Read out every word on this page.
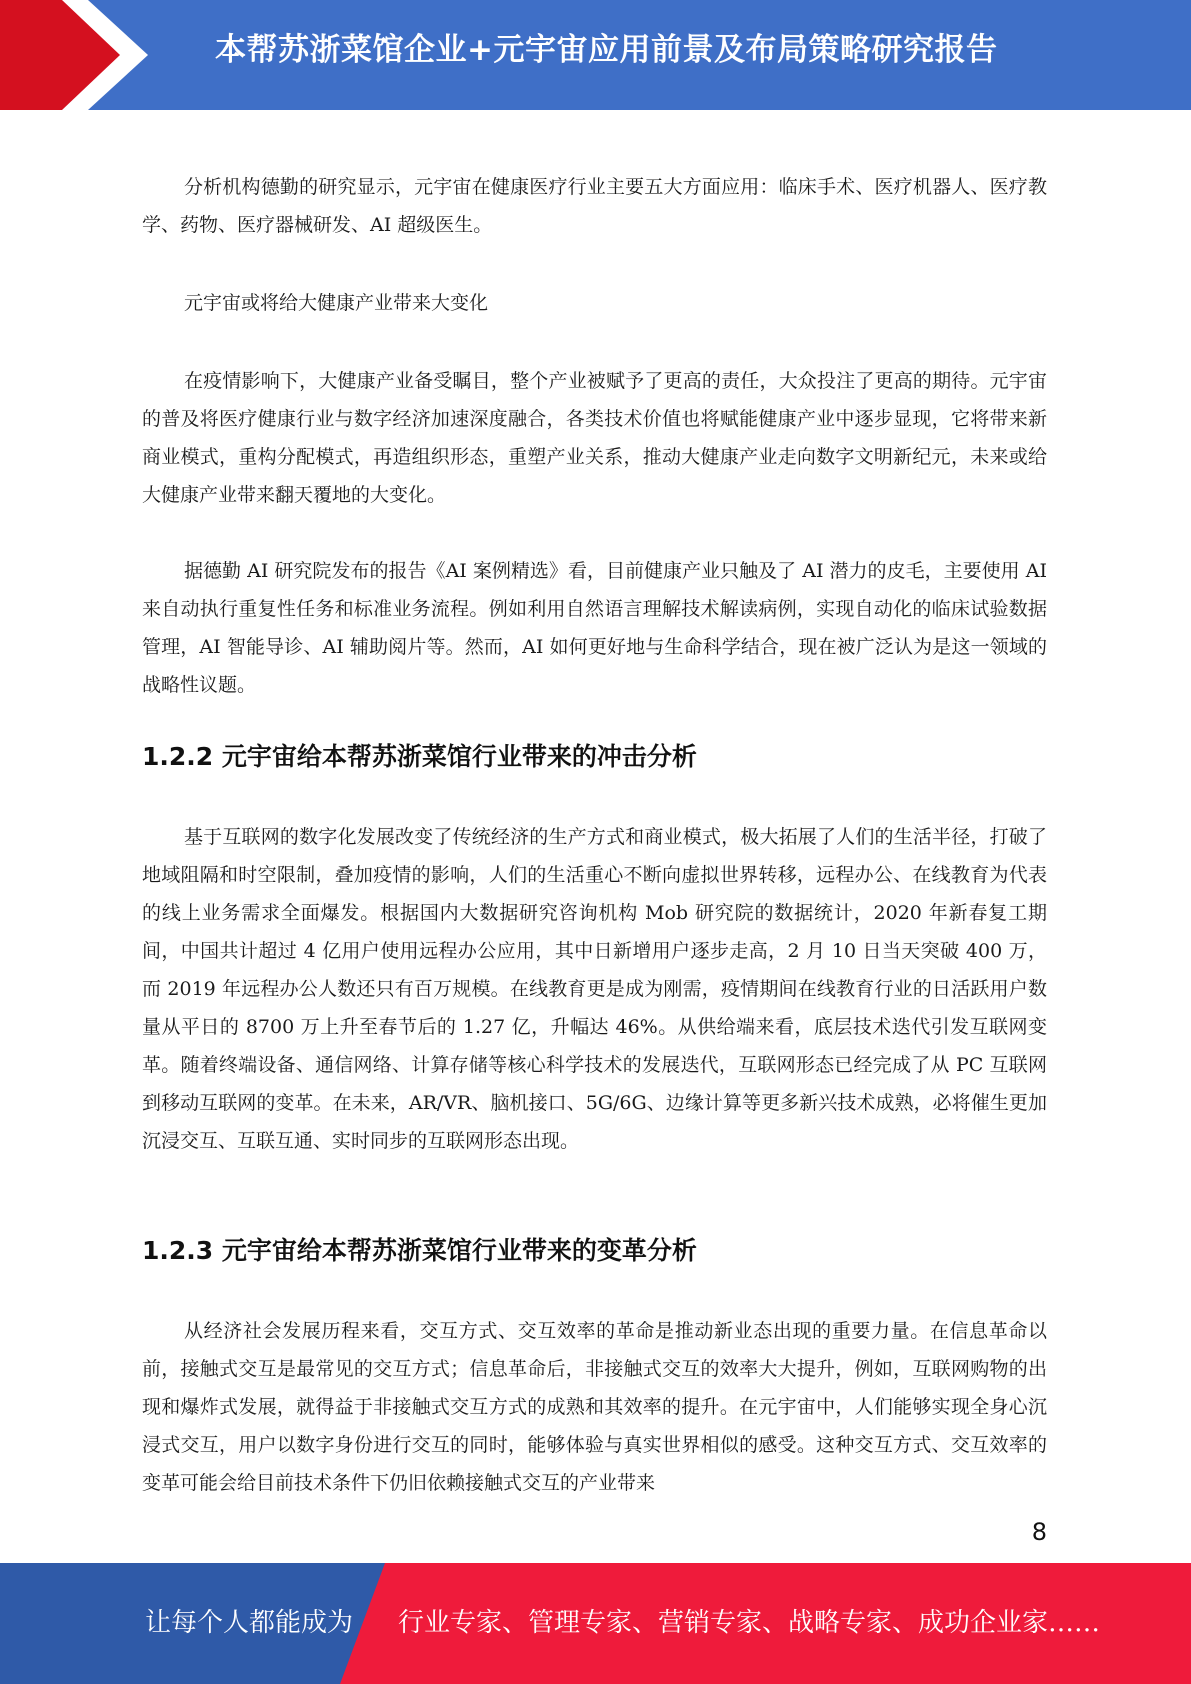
本帮苏浙菜馆企业+元宇宙应用前景及布局策略研究报告

分析机构德勤的研究显示，元宇宙在健康医疗行业主要五大方面应用：临床手术、医疗机器人、医疗教学、药物、医疗器械研发、AI 超级医生。

元宇宙或将给大健康产业带来大变化

在疫情影响下，大健康产业备受瞩目，整个产业被赋予了更高的责任，大众投注了更高的期待。元宇宙的普及将医疗健康行业与数字经济加速深度融合，各类技术价值也将赋能健康产业中逐步显现，它将带来新商业模式，重构分配模式，再造组织形态，重塑产业关系，推动大健康产业走向数字文明新纪元，未来或给大健康产业带来翻天覆地的大变化。

据德勤 AI 研究院发布的报告《AI 案例精选》看，目前健康产业只触及了 AI 潜力的皮毛，主要使用 AI 来自动执行重复性任务和标准业务流程。例如利用自然语言理解技术解读病例，实现自动化的临床试验数据管理，AI 智能导诊、AI 辅助阅片等。然而，AI 如何更好地与生命科学结合，现在被广泛认为是这一领域的战略性议题。

1.2.2 元宇宙给本帮苏浙菜馆行业带来的冲击分析

基于互联网的数字化发展改变了传统经济的生产方式和商业模式，极大拓展了人们的生活半径，打破了地域阻隔和时空限制，叠加疫情的影响，人们的生活重心不断向虚拟世界转移，远程办公、在线教育为代表的线上业务需求全面爆发。根据国内大数据研究咨询机构 Mob 研究院的数据统计，2020 年新春复工期间，中国共计超过 4 亿用户使用远程办公应用，其中日新增用户逐步走高，2 月 10 日当天突破 400 万，而 2019 年远程办公人数还只有百万规模。在线教育更是成为刚需，疫情期间在线教育行业的日活跃用户数量从平日的 8700 万上升至春节后的 1.27 亿，升幅达 46%。从供给端来看，底层技术迭代引发互联网变革。随着终端设备、通信网络、计算存储等核心科学技术的发展迭代，互联网形态已经完成了从 PC 互联网到移动互联网的变革。在未来，AR/VR、脑机接口、5G/6G、边缘计算等更多新兴技术成熟，必将催生更加沉浸交互、互联互通、实时同步的互联网形态出现。

1.2.3 元宇宙给本帮苏浙菜馆行业带来的变革分析

从经济社会发展历程来看，交互方式、交互效率的革命是推动新业态出现的重要力量。在信息革命以前，接触式交互是最常见的交互方式；信息革命后，非接触式交互的效率大大提升，例如，互联网购物的出现和爆炸式发展，就得益于非接触式交互方式的成熟和其效率的提升。在元宇宙中，人们能够实现全身心沉浸式交互，用户以数字身份进行交互的同时，能够体验与真实世界相似的感受。这种交互方式、交互效率的变革可能会给目前技术条件下仍旧依赖接触式交互的产业带来

8
让每个人都能成为 行业专家、管理专家、营销专家、战略专家、成功企业家……
